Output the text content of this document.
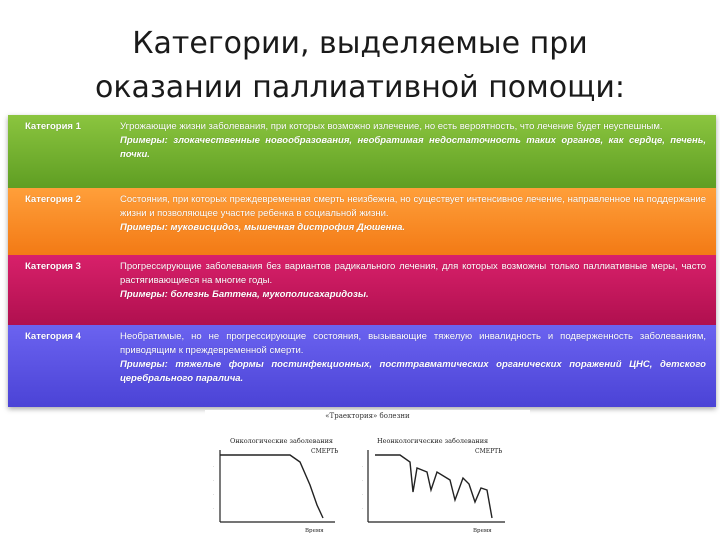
Категории, выделяемые при
оказании паллиативной помощи:
Категория 1	Угрожающие жизни заболевания, при которых возможно излечение, но есть вероятность, что лечение будет неуспешным.
Примеры: злокачественные новообразования, необратимая недостаточность таких органов, как сердце, печень, почки.
Категория 2	Состояния, при которых преждевременная смерть неизбежна, но существует интенсивное лечение, направленное на поддержание жизни и позволяющее участие ребенка в социальной жизни.
Примеры: муковисцидоз, мышечная дистрофия Дюшенна.
Категория 3	Прогрессирующие заболевания без вариантов радикального лечения, для которых возможны только паллиативные меры, часто растягивающиеся на многие годы.
Примеры: болезнь Баттена, мукополисахаридозы.
Категория 4	Необратимые, но не прогрессирующие состояния, вызывающие тяжелую инвалидность и подверженность заболеваниям, приводящим к преждевременной смерти.
Примеры: тяжелые формы постинфекционных, посттравматических органических поражений ЦНС, детского церебрального паралича.
«Траектория» болезни
·
·
·
·
Онкологические заболевания
СМЕРТЬ
Время
·
·
·
·
Неонкологические заболевания
СМЕРТЬ
Время
